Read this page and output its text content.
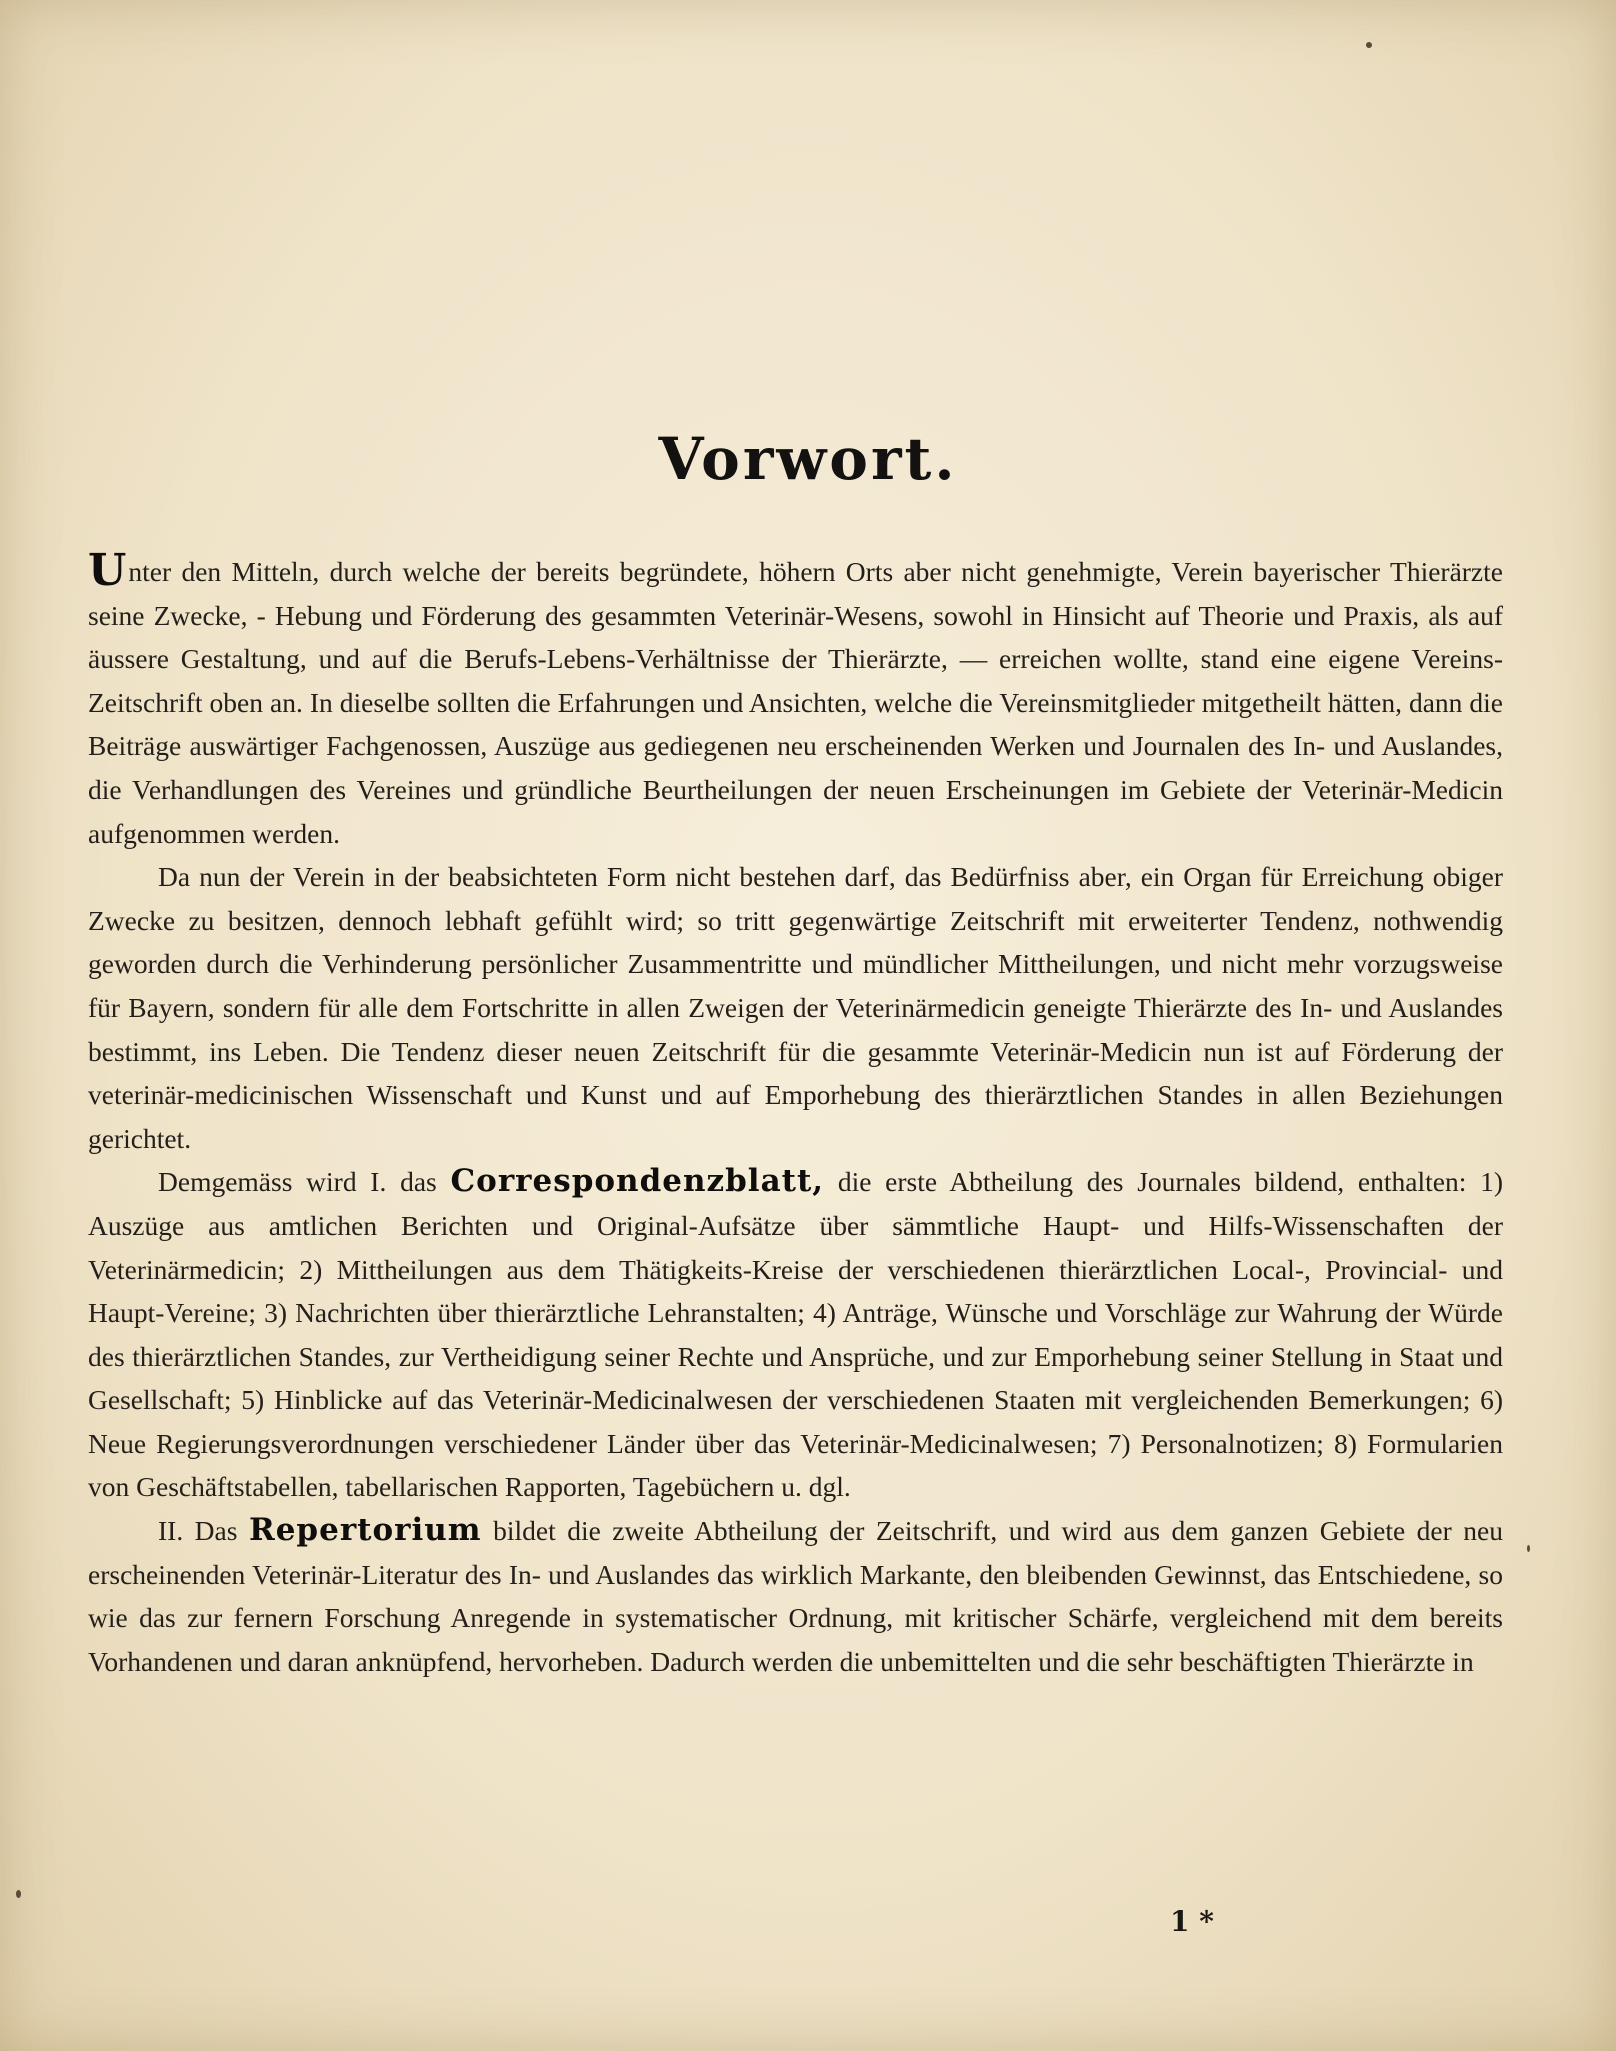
Vorwort.

Unter den Mitteln, durch welche der bereits begründete, höhern Orts aber nicht genehmigte, Verein bayerischer Thierärzte seine Zwecke, - Hebung und Förderung des gesammten Veterinär-Wesens, sowohl in Hinsicht auf Theorie und Praxis, als auf äussere Gestaltung, und auf die Berufs-Lebens-Verhältnisse der Thierärzte, — erreichen wollte, stand eine eigene Vereins-Zeitschrift oben an. In dieselbe sollten die Erfahrungen und Ansichten, welche die Vereinsmitglieder mitgetheilt hätten, dann die Beiträge auswärtiger Fachgenossen, Auszüge aus gediegenen neu erscheinenden Werken und Journalen des In- und Auslandes, die Verhandlungen des Vereines und gründliche Beurtheilungen der neuen Erscheinungen im Gebiete der Veterinär-Medicin aufgenommen werden.

Da nun der Verein in der beabsichteten Form nicht bestehen darf, das Bedürfniss aber, ein Organ für Erreichung obiger Zwecke zu besitzen, dennoch lebhaft gefühlt wird; so tritt gegenwärtige Zeitschrift mit erweiterter Tendenz, nothwendig geworden durch die Verhinderung persönlicher Zusammentritte und mündlicher Mittheilungen, und nicht mehr vorzugsweise für Bayern, sondern für alle dem Fortschritte in allen Zweigen der Veterinärmedicin geneigte Thierärzte des In- und Auslandes bestimmt, ins Leben. Die Tendenz dieser neuen Zeitschrift für die gesammte Veterinär-Medicin nun ist auf Förderung der veterinär-medicinischen Wissenschaft und Kunst und auf Emporhebung des thierärztlichen Standes in allen Beziehungen gerichtet.

Demgemäss wird I. das Correspondenzblatt, die erste Abtheilung des Journales bildend, enthalten: 1) Auszüge aus amtlichen Berichten und Original-Aufsätze über sämmtliche Haupt- und Hilfs-Wissenschaften der Veterinärmedicin; 2) Mittheilungen aus dem Thätigkeits-Kreise der verschiedenen thierärztlichen Local-, Provincial- und Haupt-Vereine; 3) Nachrichten über thierärztliche Lehranstalten; 4) Anträge, Wünsche und Vorschläge zur Wahrung der Würde des thierärztlichen Standes, zur Vertheidigung seiner Rechte und Ansprüche, und zur Emporhebung seiner Stellung in Staat und Gesellschaft; 5) Hinblicke auf das Veterinär-Medicinalwesen der verschiedenen Staaten mit vergleichenden Bemerkungen; 6) Neue Regierungsverordnungen verschiedener Länder über das Veterinär-Medicinalwesen; 7) Personalnotizen; 8) Formularien von Geschäftstabellen, tabellarischen Rapporten, Tagebüchern u. dgl.

II. Das Repertorium bildet die zweite Abtheilung der Zeitschrift, und wird aus dem ganzen Gebiete der neu erscheinenden Veterinär-Literatur des In- und Auslandes das wirklich Markante, den bleibenden Gewinnst, das Entschiedene, so wie das zur fernern Forschung Anregende in systematischer Ordnung, mit kritischer Schärfe, vergleichend mit dem bereits Vorhandenen und daran anknüpfend, hervorheben. Dadurch werden die unbemittelten und die sehr beschäftigten Thierärzte in

1 *
